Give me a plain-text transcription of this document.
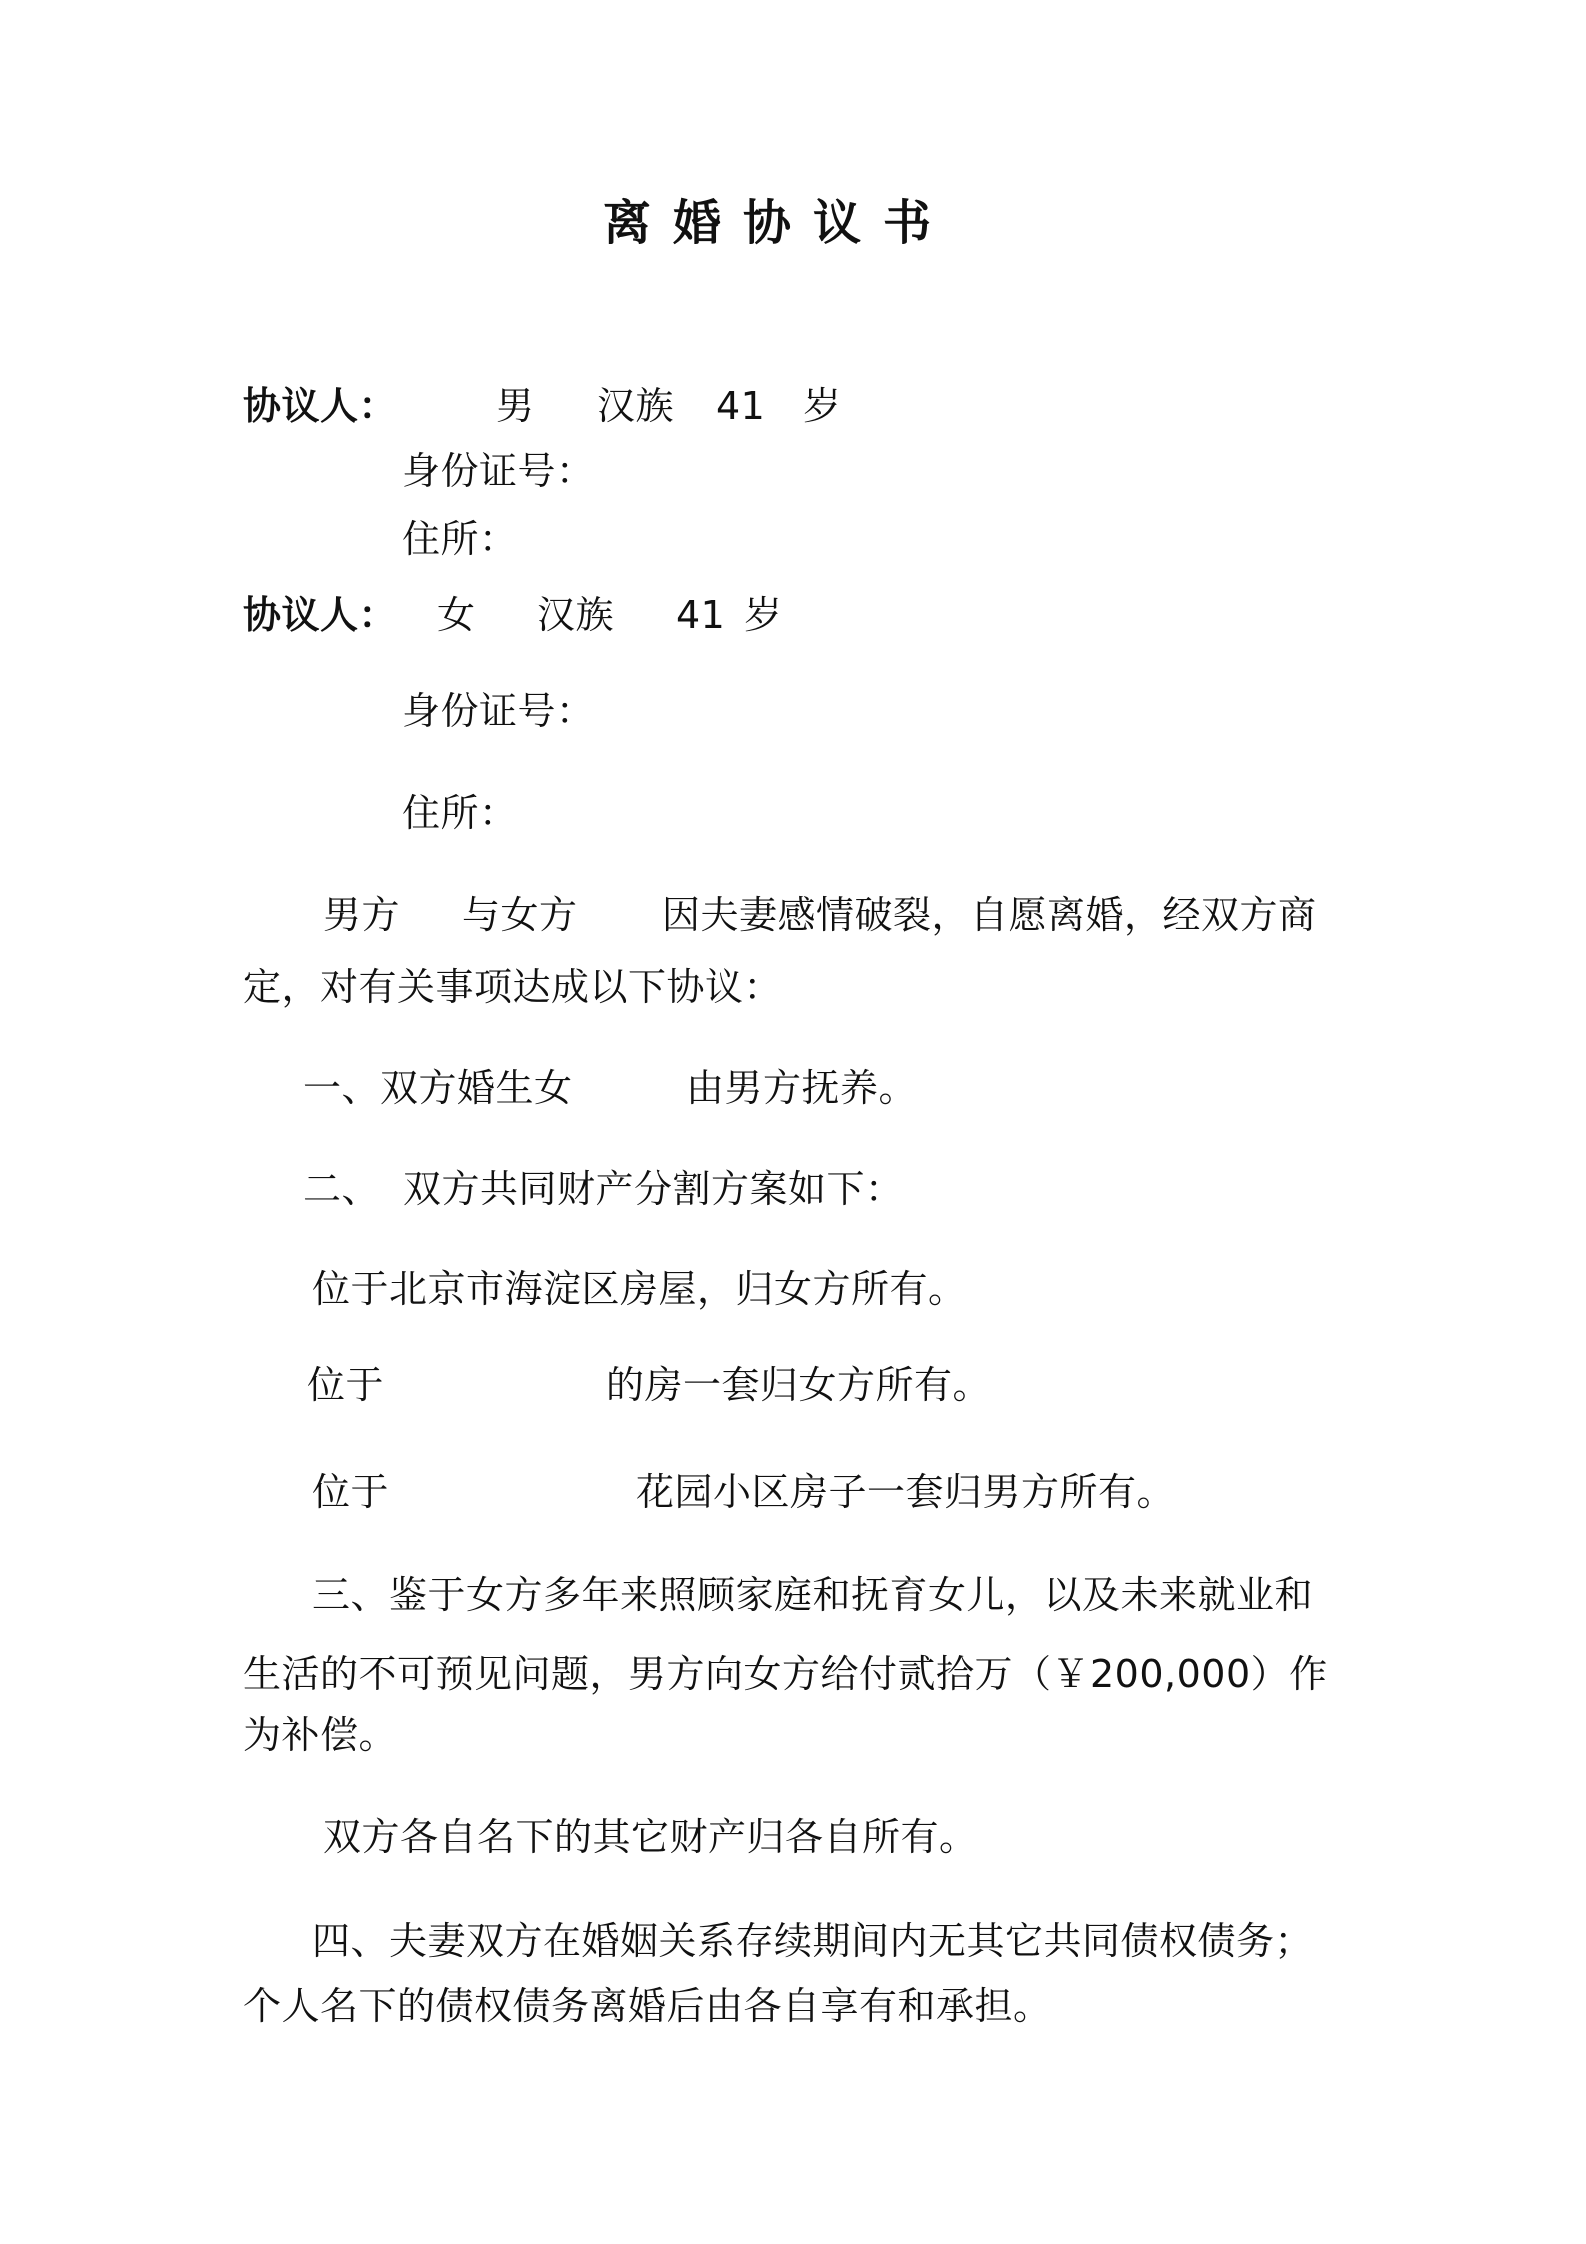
离婚协议书
协议人：	男 汉族 41 岁
身份证号：
住所：
协议人： 女 汉族 41 岁
身份证号：
住所：
男方 与女方 因夫妻感情破裂，自愿离婚，经双方商
定，对有关事项达成以下协议：
一、双方婚生女	由男方抚养。
二、 双方共同财产分割方案如下：
位于北京市海淀区房屋，归女方所有。
位于	的房一套归女方所有。
位于	花园小区房子一套归男方所有。
三、鉴于女方多年来照顾家庭和抚育女儿，以及未来就业和
生活的不可预见问题，男方向女方给付贰拾万（￥200,000）作
为补偿。
双方各自名下的其它财产归各自所有。
四、夫妻双方在婚姻关系存续期间内无其它共同债权债务；
个人名下的债权债务离婚后由各自享有和承担。
